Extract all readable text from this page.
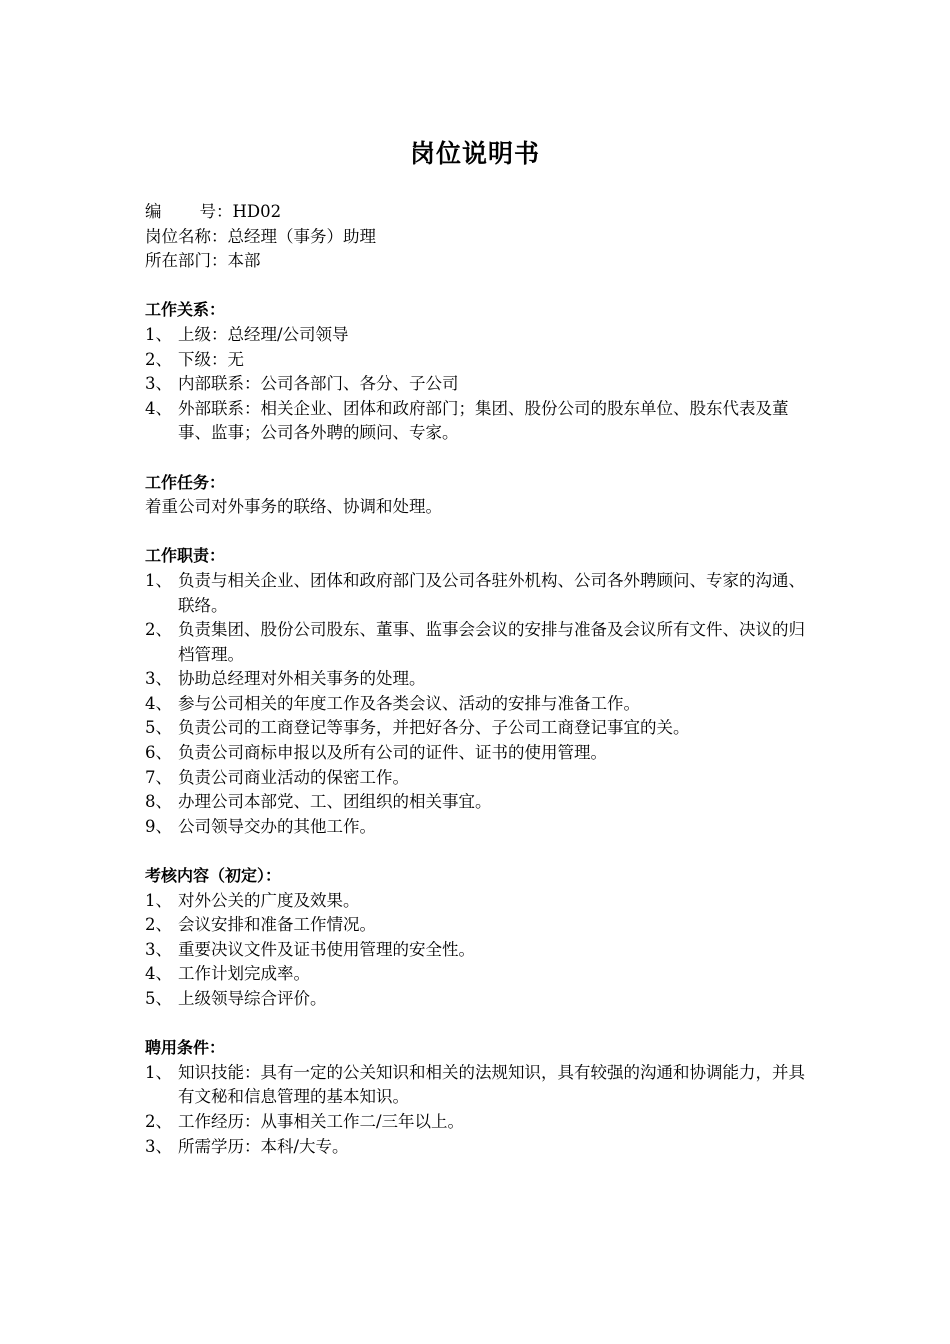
岗位说明书
编号：HD02
岗位名称：总经理（事务）助理
所在部门：本部
工作关系：
1、 上级：总经理/公司领导
2、 下级：无
3、 内部联系：公司各部门、各分、子公司
4、 外部联系：相关企业、团体和政府部门；集团、股份公司的股东单位、股东代表及董事、监事；公司各外聘的顾问、专家。
工作任务：
着重公司对外事务的联络、协调和处理。
工作职责：
1、 负责与相关企业、团体和政府部门及公司各驻外机构、公司各外聘顾问、专家的沟通、联络。
2、 负责集团、股份公司股东、董事、监事会会议的安排与准备及会议所有文件、决议的归档管理。
3、 协助总经理对外相关事务的处理。
4、 参与公司相关的年度工作及各类会议、活动的安排与准备工作。
5、 负责公司的工商登记等事务，并把好各分、子公司工商登记事宜的关。
6、 负责公司商标申报以及所有公司的证件、证书的使用管理。
7、 负责公司商业活动的保密工作。
8、 办理公司本部党、工、团组织的相关事宜。
9、 公司领导交办的其他工作。
考核内容（初定）：
1、 对外公关的广度及效果。
2、 会议安排和准备工作情况。
3、 重要决议文件及证书使用管理的安全性。
4、 工作计划完成率。
5、 上级领导综合评价。
聘用条件：
1、 知识技能：具有一定的公关知识和相关的法规知识，具有较强的沟通和协调能力，并具有文秘和信息管理的基本知识。
2、 工作经历：从事相关工作二/三年以上。
3、 所需学历：本科/大专。
